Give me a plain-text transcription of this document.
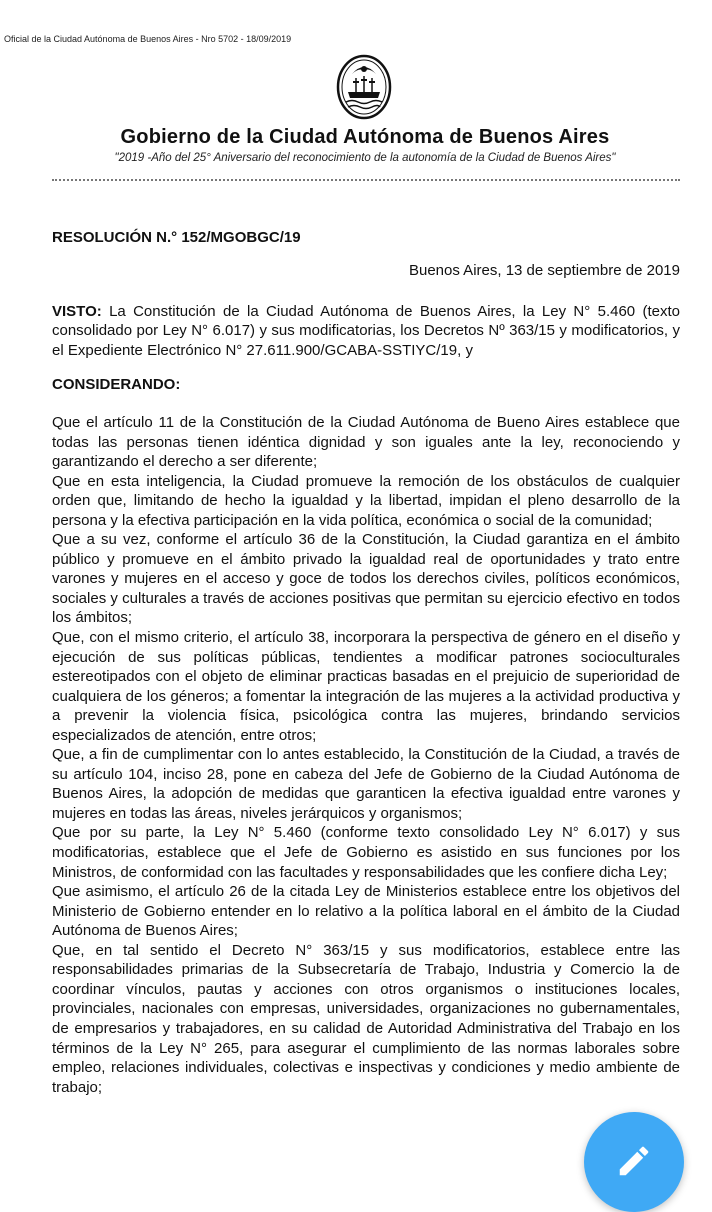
Oficial de la Ciudad Autónoma de Buenos Aires - Nro 5702 - 18/09/2019
Gobierno de la Ciudad Autónoma de Buenos Aires
"2019 -Año del 25° Aniversario del reconocimiento de la autonomía de la Ciudad de Buenos Aires"
RESOLUCIÓN N.° 152/MGOBGC/19
Buenos Aires, 13 de septiembre de 2019
VISTO: La Constitución de la Ciudad Autónoma de Buenos Aires, la Ley N° 5.460 (texto consolidado por Ley N° 6.017) y sus modificatorias, los Decretos Nº 363/15 y modificatorios, y el Expediente Electrónico N° 27.611.900/GCABA-SSTIYC/19, y
CONSIDERANDO:

Que el artículo 11 de la Constitución de la Ciudad Autónoma de Bueno Aires establece que todas las personas tienen idéntica dignidad y son iguales ante la ley, reconociendo y garantizando el derecho a ser diferente;

Que en esta inteligencia, la Ciudad promueve la remoción de los obstáculos de cualquier orden que, limitando de hecho la igualdad y la libertad, impidan el pleno desarrollo de la persona y la efectiva participación en la vida política, económica o social de la comunidad;

Que a su vez, conforme el artículo 36 de la Constitución, la Ciudad garantiza en el ámbito público y promueve en el ámbito privado la igualdad real de oportunidades y trato entre varones y mujeres en el acceso y goce de todos los derechos civiles, políticos económicos, sociales y culturales a través de acciones positivas que permitan su ejercicio efectivo en todos los ámbitos;

Que, con el mismo criterio, el artículo 38, incorporara la perspectiva de género en el diseño y ejecución de sus políticas públicas, tendientes a modificar patrones socioculturales estereotipados con el objeto de eliminar practicas basadas en el prejuicio de superioridad de cualquiera de los géneros; a fomentar la integración de las mujeres a la actividad productiva y a prevenir la violencia física, psicológica contra las mujeres, brindando servicios especializados de atención, entre otros;

Que, a fin de cumplimentar con lo antes establecido, la Constitución de la Ciudad, a través de su artículo 104, inciso 28, pone en cabeza del Jefe de Gobierno de la Ciudad Autónoma de Buenos Aires, la adopción de medidas que garanticen la efectiva igualdad entre varones y mujeres en todas las áreas, niveles jerárquicos y organismos;

Que por su parte, la Ley N° 5.460 (conforme texto consolidado Ley N° 6.017) y sus modificatorias, establece que el Jefe de Gobierno es asistido en sus funciones por los Ministros, de conformidad con las facultades y responsabilidades que les confiere dicha Ley;

Que asimismo, el artículo 26 de la citada Ley de Ministerios establece entre los objetivos del Ministerio de Gobierno entender en lo relativo a la política laboral en el ámbito de la Ciudad Autónoma de Buenos Aires;

Que, en tal sentido el Decreto N° 363/15 y sus modificatorios, establece entre las responsabilidades primarias de la Subsecretaría de Trabajo, Industria y Comercio la de coordinar vínculos, pautas y acciones con otros organismos o instituciones locales, provinciales, nacionales con empresas, universidades, organizaciones no gubernamentales, de empresarios y trabajadores, en su calidad de Autoridad Administrativa del Trabajo en los términos de la Ley N° 265, para asegurar el cumplimiento de las normas laborales sobre empleo, relaciones individuales, colectivas e inspectivas y condiciones y medio ambiente de trabajo;
